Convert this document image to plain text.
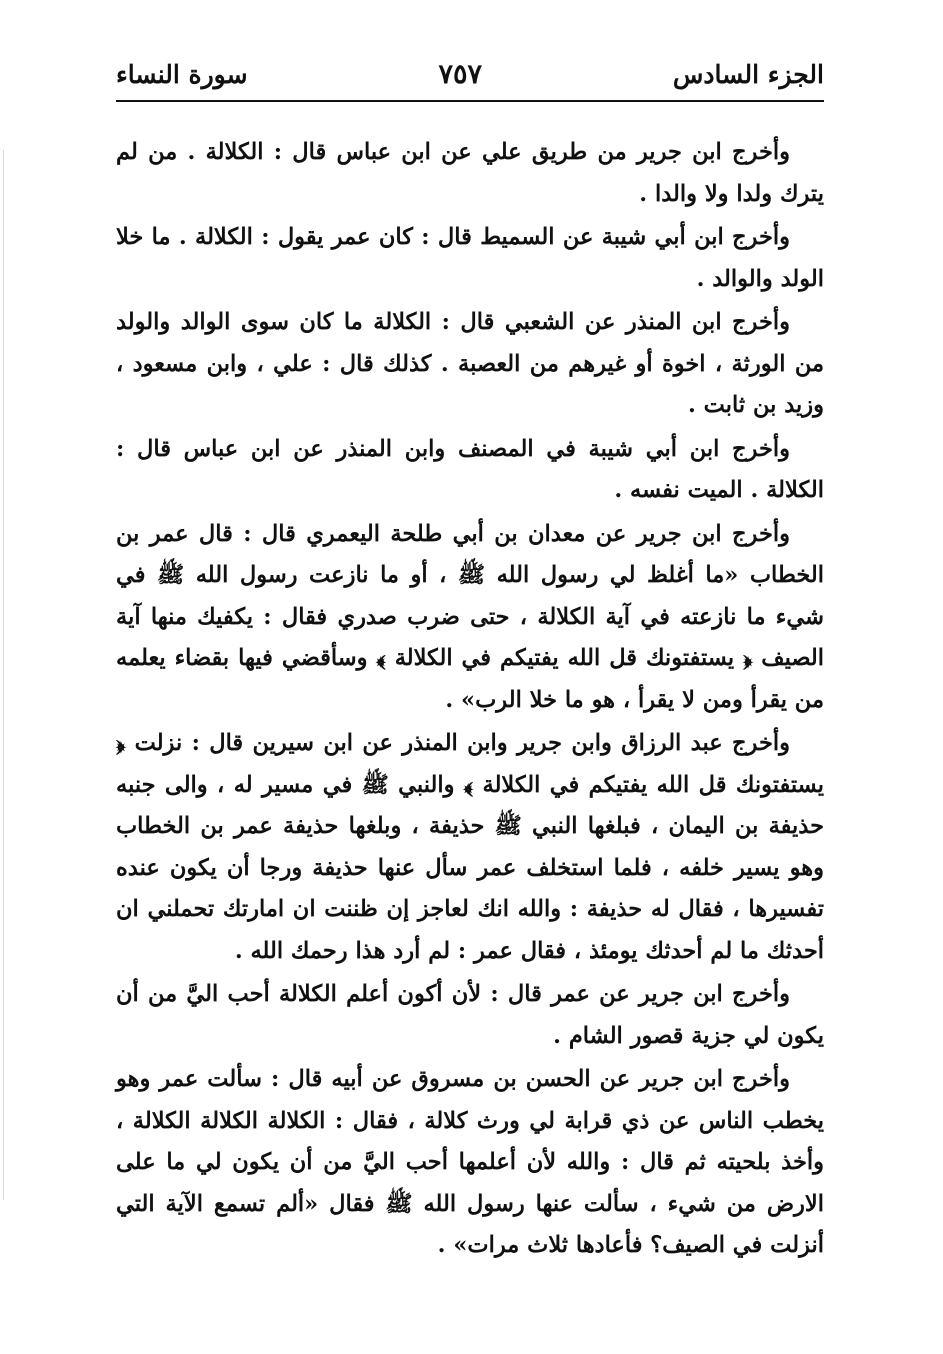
الجزء السادس
٧٥٧
سورة النساء

وأخرج ابن جرير من طريق علي عن ابن عباس قال : الكلالة . من لم يترك ولدا ولا والدا .

وأخرج ابن أبي شيبة عن السميط قال : كان عمر يقول : الكلالة . ما خلا الولد والوالد .

وأخرج ابن المنذر عن الشعبي قال : الكلالة ما كان سوى الوالد والولد من الورثة ، اخوة أو غيرهم من العصبة . كذلك قال : علي ، وابن مسعود ، وزيد بن ثابت .

وأخرج ابن أبي شيبة في المصنف وابن المنذر عن ابن عباس قال : الكلالة . الميت نفسه .

وأخرج ابن جرير عن معدان بن أبي طلحة اليعمري قال : قال عمر بن الخطاب «ما أغلظ لي رسول الله ﷺ ، أو ما نازعت رسول الله ﷺ في شيء ما نازعته في آية الكلالة ، حتى ضرب صدري فقال : يكفيك منها آية الصيف ﴿ يستفتونك قل الله يفتيكم في الكلالة ﴾ وسأقضي فيها بقضاء يعلمه من يقرأ ومن لا يقرأ ، هو ما خلا الرب» .

وأخرج عبد الرزاق وابن جرير وابن المنذر عن ابن سيرين قال : نزلت ﴿ يستفتونك قل الله يفتيكم في الكلالة ﴾ والنبي ﷺ في مسير له ، والى جنبه حذيفة بن اليمان ، فبلغها النبي ﷺ حذيفة ، وبلغها حذيفة عمر بن الخطاب وهو يسير خلفه ، فلما استخلف عمر سأل عنها حذيفة ورجا أن يكون عنده تفسيرها ، فقال له حذيفة : والله انك لعاجز إن ظننت ان امارتك تحملني ان أحدثك ما لم أحدثك يومئذ ، فقال عمر : لم أرد هذا رحمك الله .

وأخرج ابن جرير عن عمر قال : لأن أكون أعلم الكلالة أحب اليَّ من أن يكون لي جزية قصور الشام .

وأخرج ابن جرير عن الحسن بن مسروق عن أبيه قال : سألت عمر وهو يخطب الناس عن ذي قرابة لي ورث كلالة ، فقال : الكلالة الكلالة الكلالة ، وأخذ بلحيته ثم قال : والله لأن أعلمها أحب اليَّ من أن يكون لي ما على الارض من شيء ، سألت عنها رسول الله ﷺ فقال «ألم تسمع الآية التي أنزلت في الصيف؟ فأعادها ثلاث مرات» .
